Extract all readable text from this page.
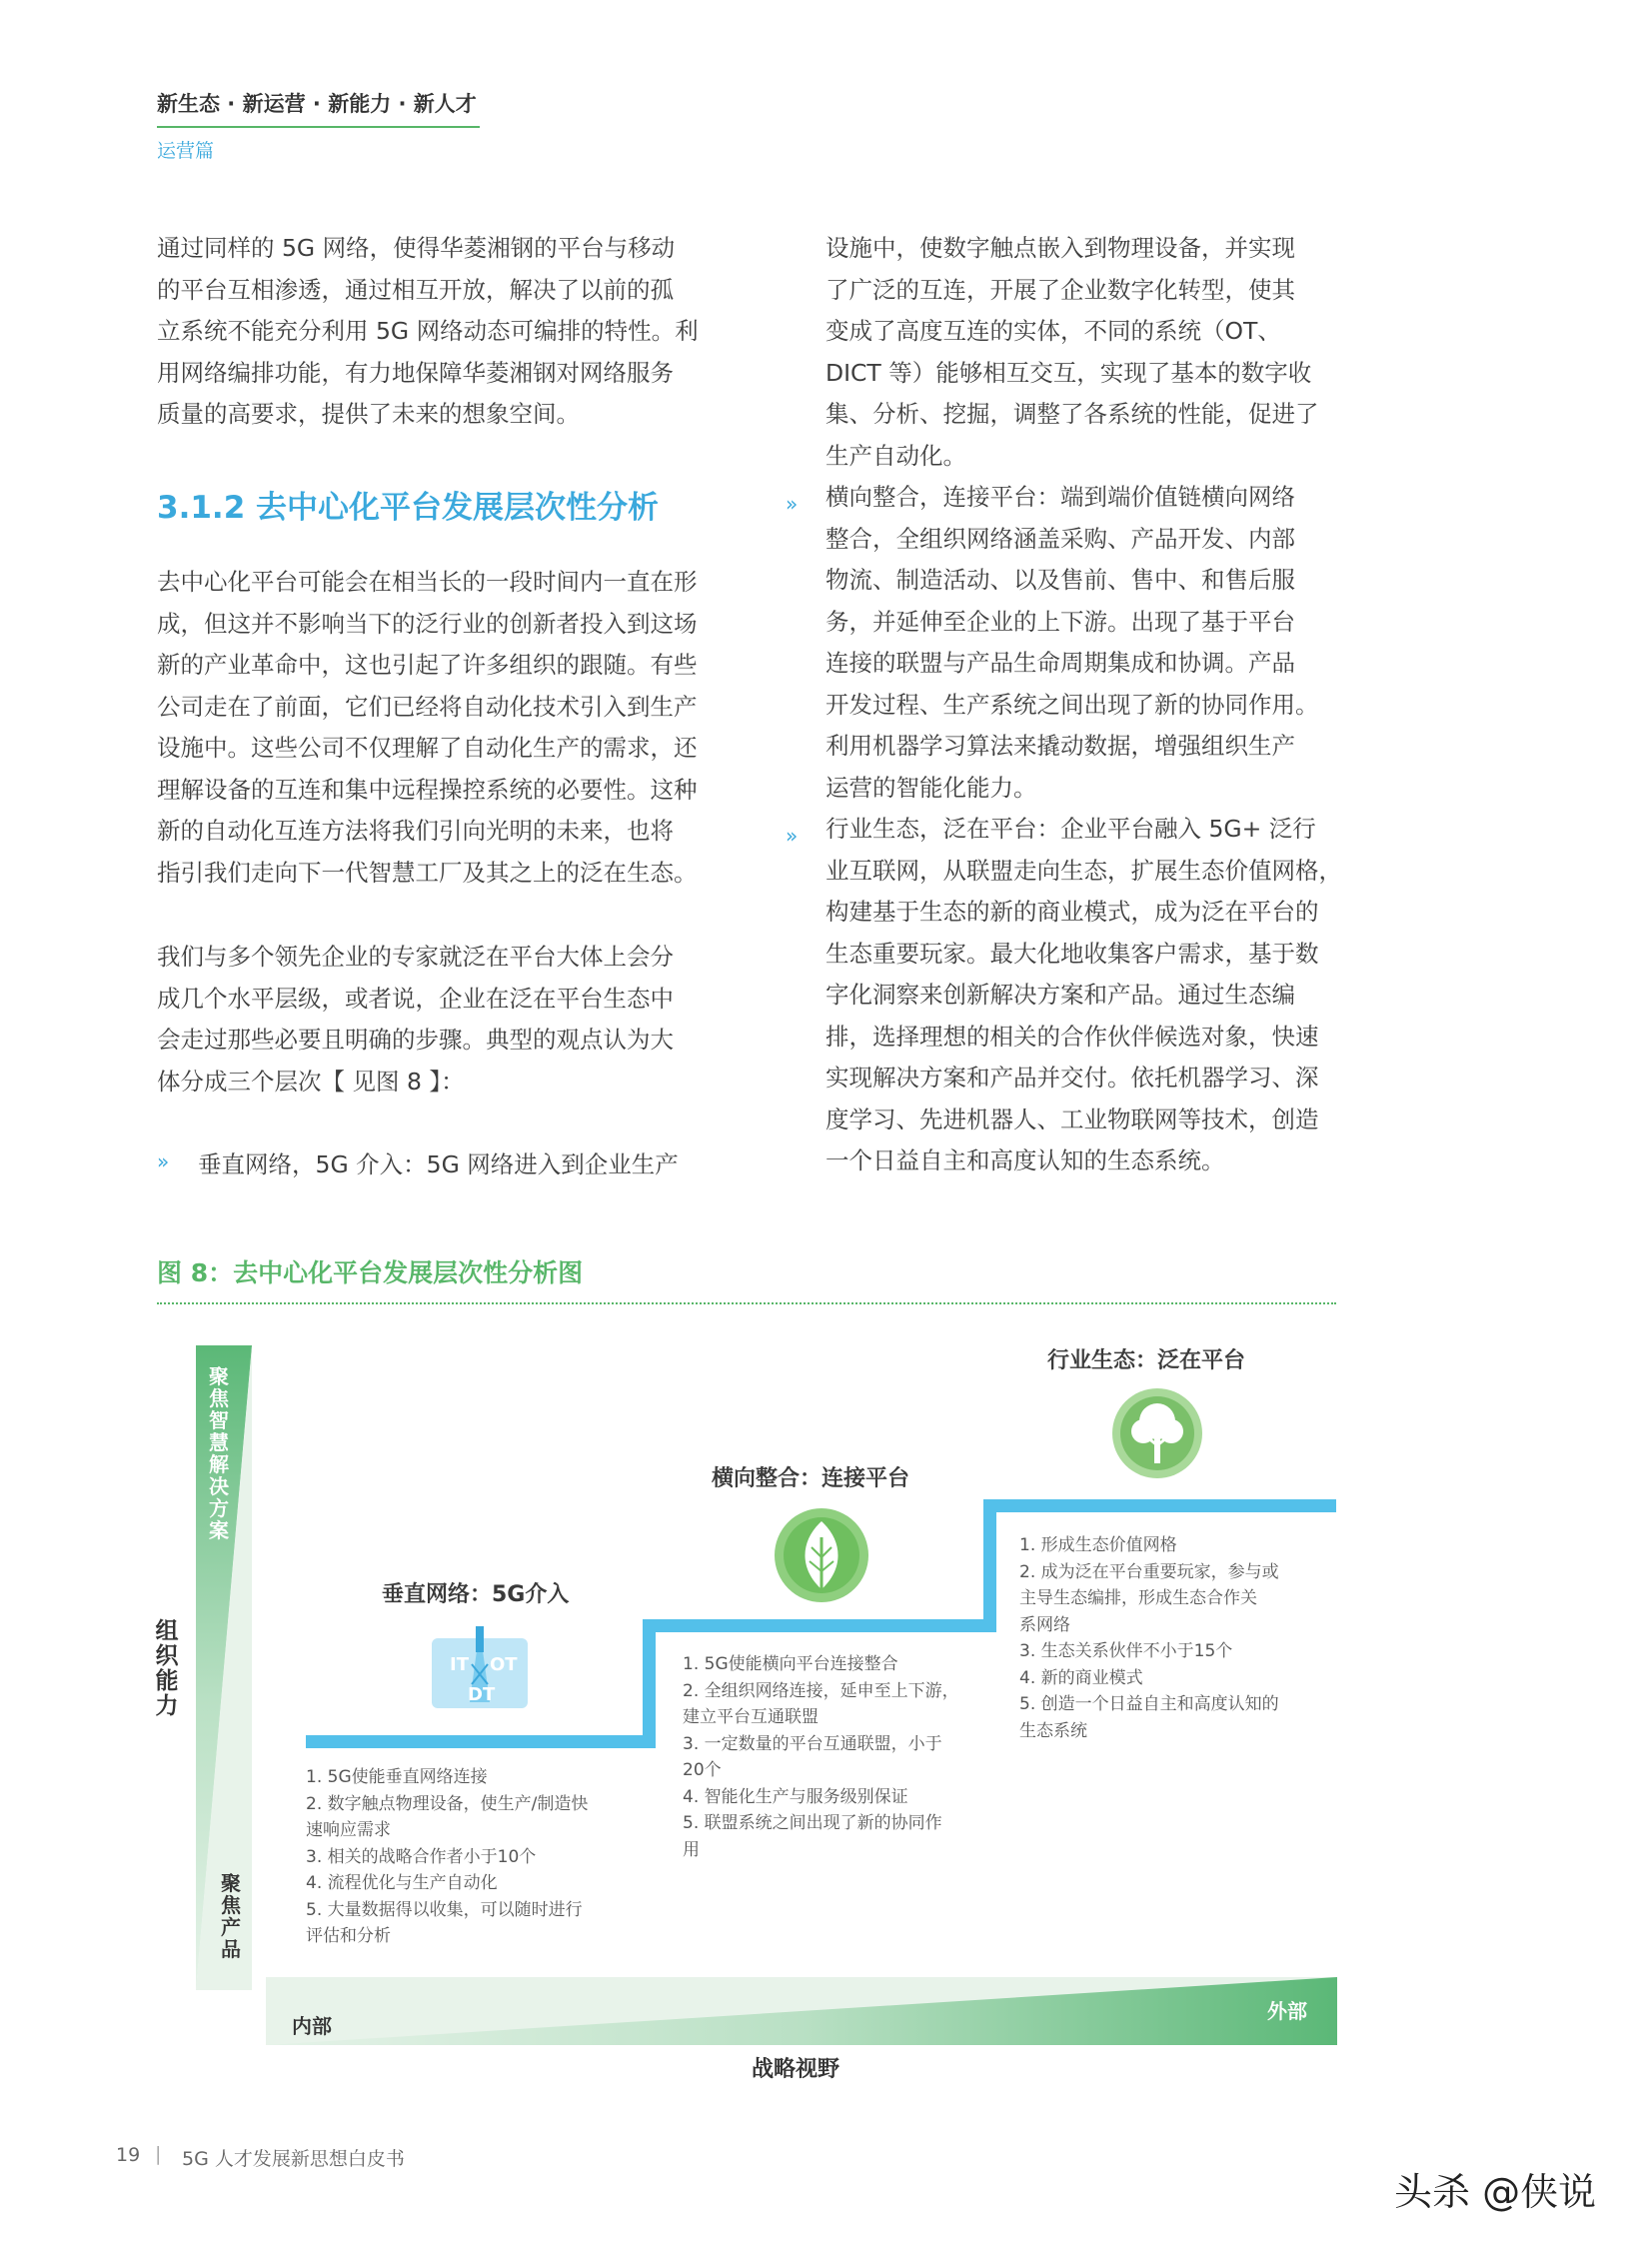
新生态 · 新运营 · 新能力 · 新人才
运营篇
通过同样的 5G 网络，使得华菱湘钢的平台与移动
的平台互相渗透，通过相互开放，解决了以前的孤
立系统不能充分利用 5G 网络动态可编排的特性。利
用网络编排功能，有力地保障华菱湘钢对网络服务
质量的高要求，提供了未来的想象空间。
3.1.2 去中心化平台发展层次性分析
去中心化平台可能会在相当长的一段时间内一直在形
成，但这并不影响当下的泛行业的创新者投入到这场
新的产业革命中，这也引起了许多组织的跟随。有些
公司走在了前面，它们已经将自动化技术引入到生产
设施中。这些公司不仅理解了自动化生产的需求，还
理解设备的互连和集中远程操控系统的必要性。这种
新的自动化互连方法将我们引向光明的未来，也将
指引我们走向下一代智慧工厂及其之上的泛在生态。
我们与多个领先企业的专家就泛在平台大体上会分
成几个水平层级，或者说，企业在泛在平台生态中
会走过那些必要且明确的步骤。典型的观点认为大
体分成三个层次【 见图 8 】：
»	垂直网络，5G 介入：5G 网络进入到企业生产
设施中，使数字触点嵌入到物理设备，并实现
了广泛的互连，开展了企业数字化转型，使其
变成了高度互连的实体，不同的系统（OT、
DICT 等）能够相互交互，实现了基本的数字收
集、分析、挖掘，调整了各系统的性能，促进了
生产自动化。
»	横向整合，连接平台：端到端价值链横向网络
整合，全组织网络涵盖采购、产品开发、内部
物流、制造活动、以及售前、售中、和售后服
务，并延伸至企业的上下游。出现了基于平台
连接的联盟与产品生命周期集成和协调。产品
开发过程、生产系统之间出现了新的协同作用。
利用机器学习算法来撬动数据，增强组织生产
运营的智能化能力。
»	行业生态，泛在平台：企业平台融入 5G+ 泛行
业互联网，从联盟走向生态，扩展生态价值网格，
构建基于生态的新的商业模式，成为泛在平台的
生态重要玩家。最大化地收集客户需求，基于数
字化洞察来创新解决方案和产品。通过生态编
排，选择理想的相关的合作伙伴候选对象，快速
实现解决方案和产品并交付。依托机器学习、深
度学习、先进机器人、工业物联网等技术，创造
一个日益自主和高度认知的生态系统。
图 8：去中心化平台发展层次性分析图
聚焦智慧解决方案
聚焦产品
组织能力
内部
外部
战略视野
垂直网络：5G介入
IT OT
DT
1. 5G使能垂直网络连接
2. 数字触点物理设备，使生产/制造快
速响应需求
3. 相关的战略合作者小于10个
4. 流程优化与生产自动化
5. 大量数据得以收集，可以随时进行
评估和分析
横向整合：连接平台
1. 5G使能横向平台连接整合
2. 全组织网络连接，延申至上下游，
建立平台互通联盟
3. 一定数量的平台互通联盟，小于
20个
4. 智能化生产与服务级别保证
5. 联盟系统之间出现了新的协同作
用
行业生态：泛在平台
1. 形成生态价值网格
2. 成为泛在平台重要玩家，参与或
主导生态编排，形成生态合作关
系网络
3. 生态关系伙伴不小于15个
4. 新的商业模式
5. 创造一个日益自主和高度认知的
生态系统
19 | 5G 人才发展新思想白皮书
头杀 @侠说
